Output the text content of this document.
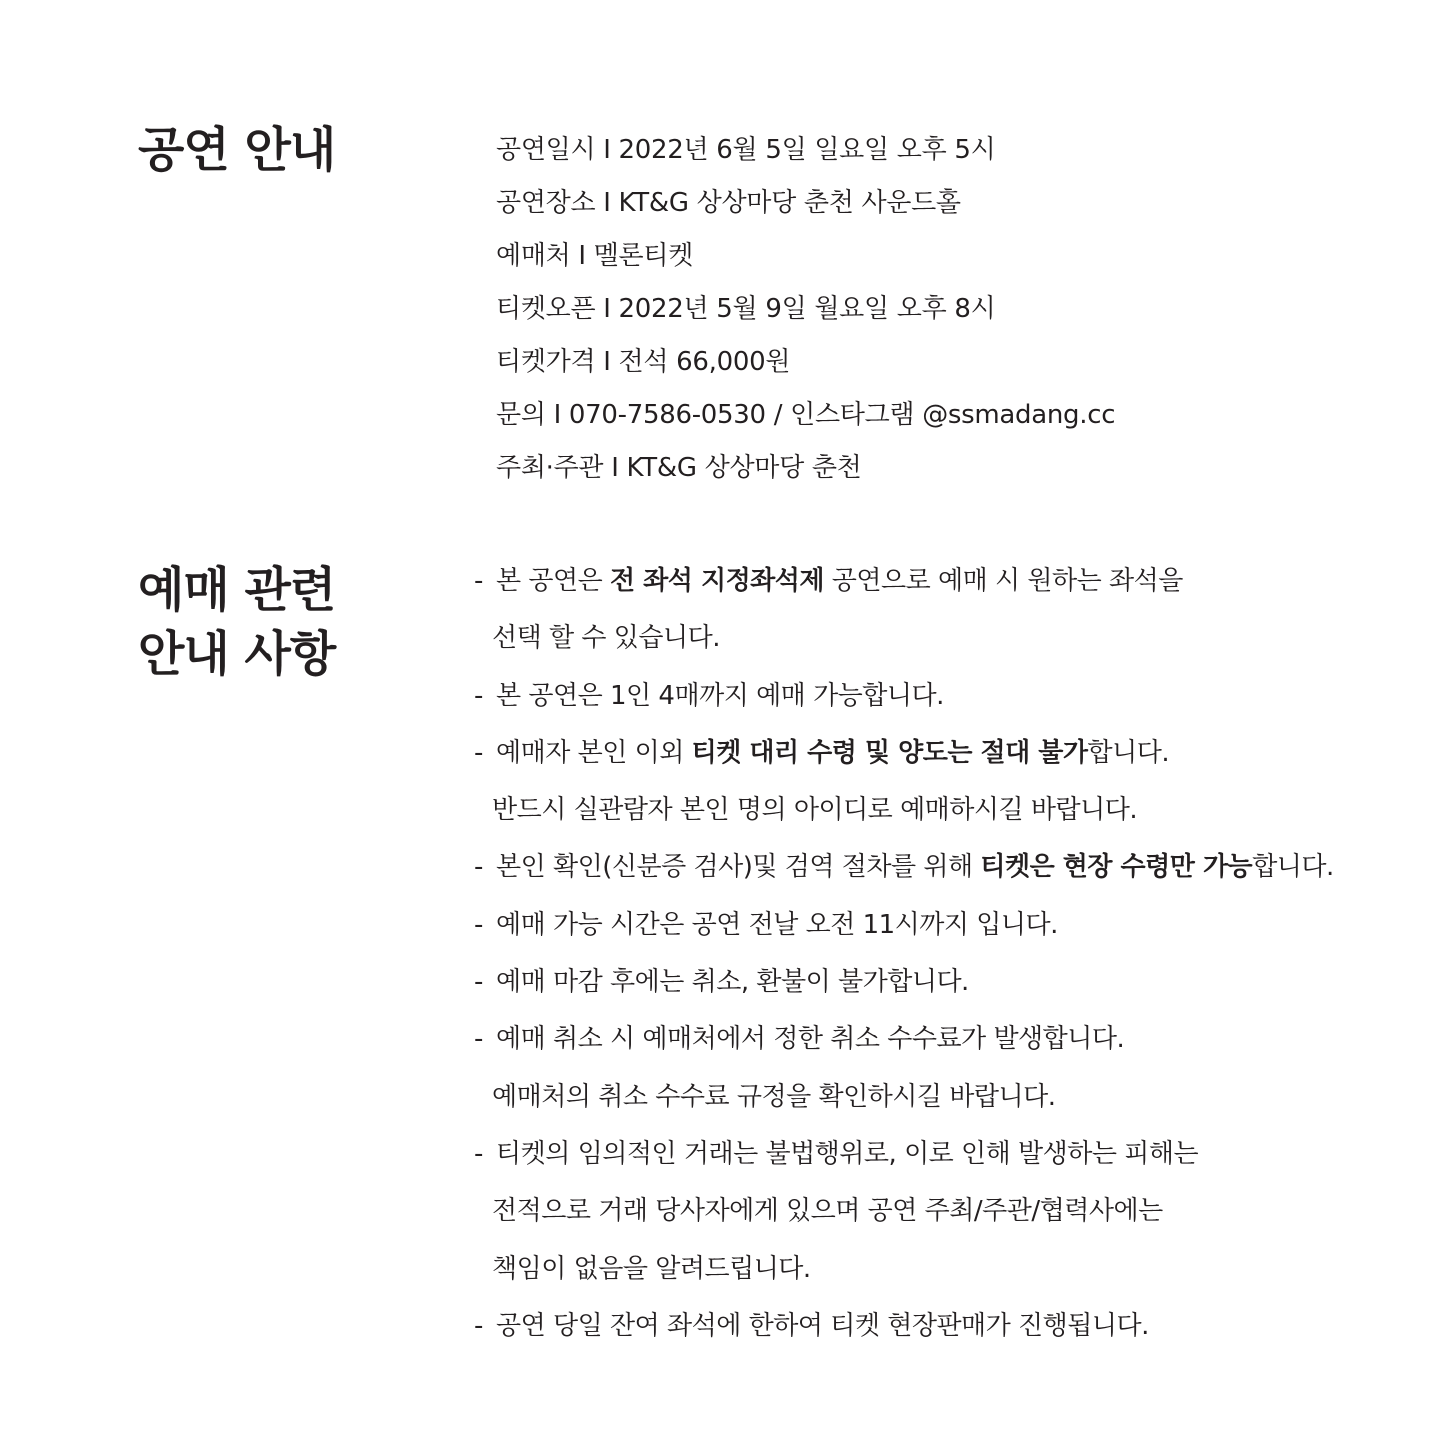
공연 안내	공연일시 I 2022년 6월 5일 일요일 오후 5시
공연장소 I KT&G 상상마당 춘천 사운드홀
예매처 I 멜론티켓
티켓오픈 I 2022년 5월 9일 월요일 오후 8시
티켓가격 I 전석 66,000원
문의 I 070-7586-0530 / 인스타그램 @ssmadang.cc
주최·주관 I KT&G 상상마당 춘천
예매 관련
안내 사항
- 본 공연은 전 좌석 지정좌석제 공연으로 예매 시 원하는 좌석을
선택 할 수 있습니다.
- 본 공연은 1인 4매까지 예매 가능합니다.
- 예매자 본인 이외 티켓 대리 수령 및 양도는 절대 불가합니다.
반드시 실관람자 본인 명의 아이디로 예매하시길 바랍니다.
- 본인 확인(신분증 검사)및 검역 절차를 위해 티켓은 현장 수령만 가능합니다.
- 예매 가능 시간은 공연 전날 오전 11시까지 입니다.
- 예매 마감 후에는 취소, 환불이 불가합니다.
- 예매 취소 시 예매처에서 정한 취소 수수료가 발생합니다.
예매처의 취소 수수료 규정을 확인하시길 바랍니다.
- 티켓의 임의적인 거래는 불법행위로, 이로 인해 발생하는 피해는
전적으로 거래 당사자에게 있으며 공연 주최/주관/협력사에는
책임이 없음을 알려드립니다.
- 공연 당일 잔여 좌석에 한하여 티켓 현장판매가 진행됩니다.
